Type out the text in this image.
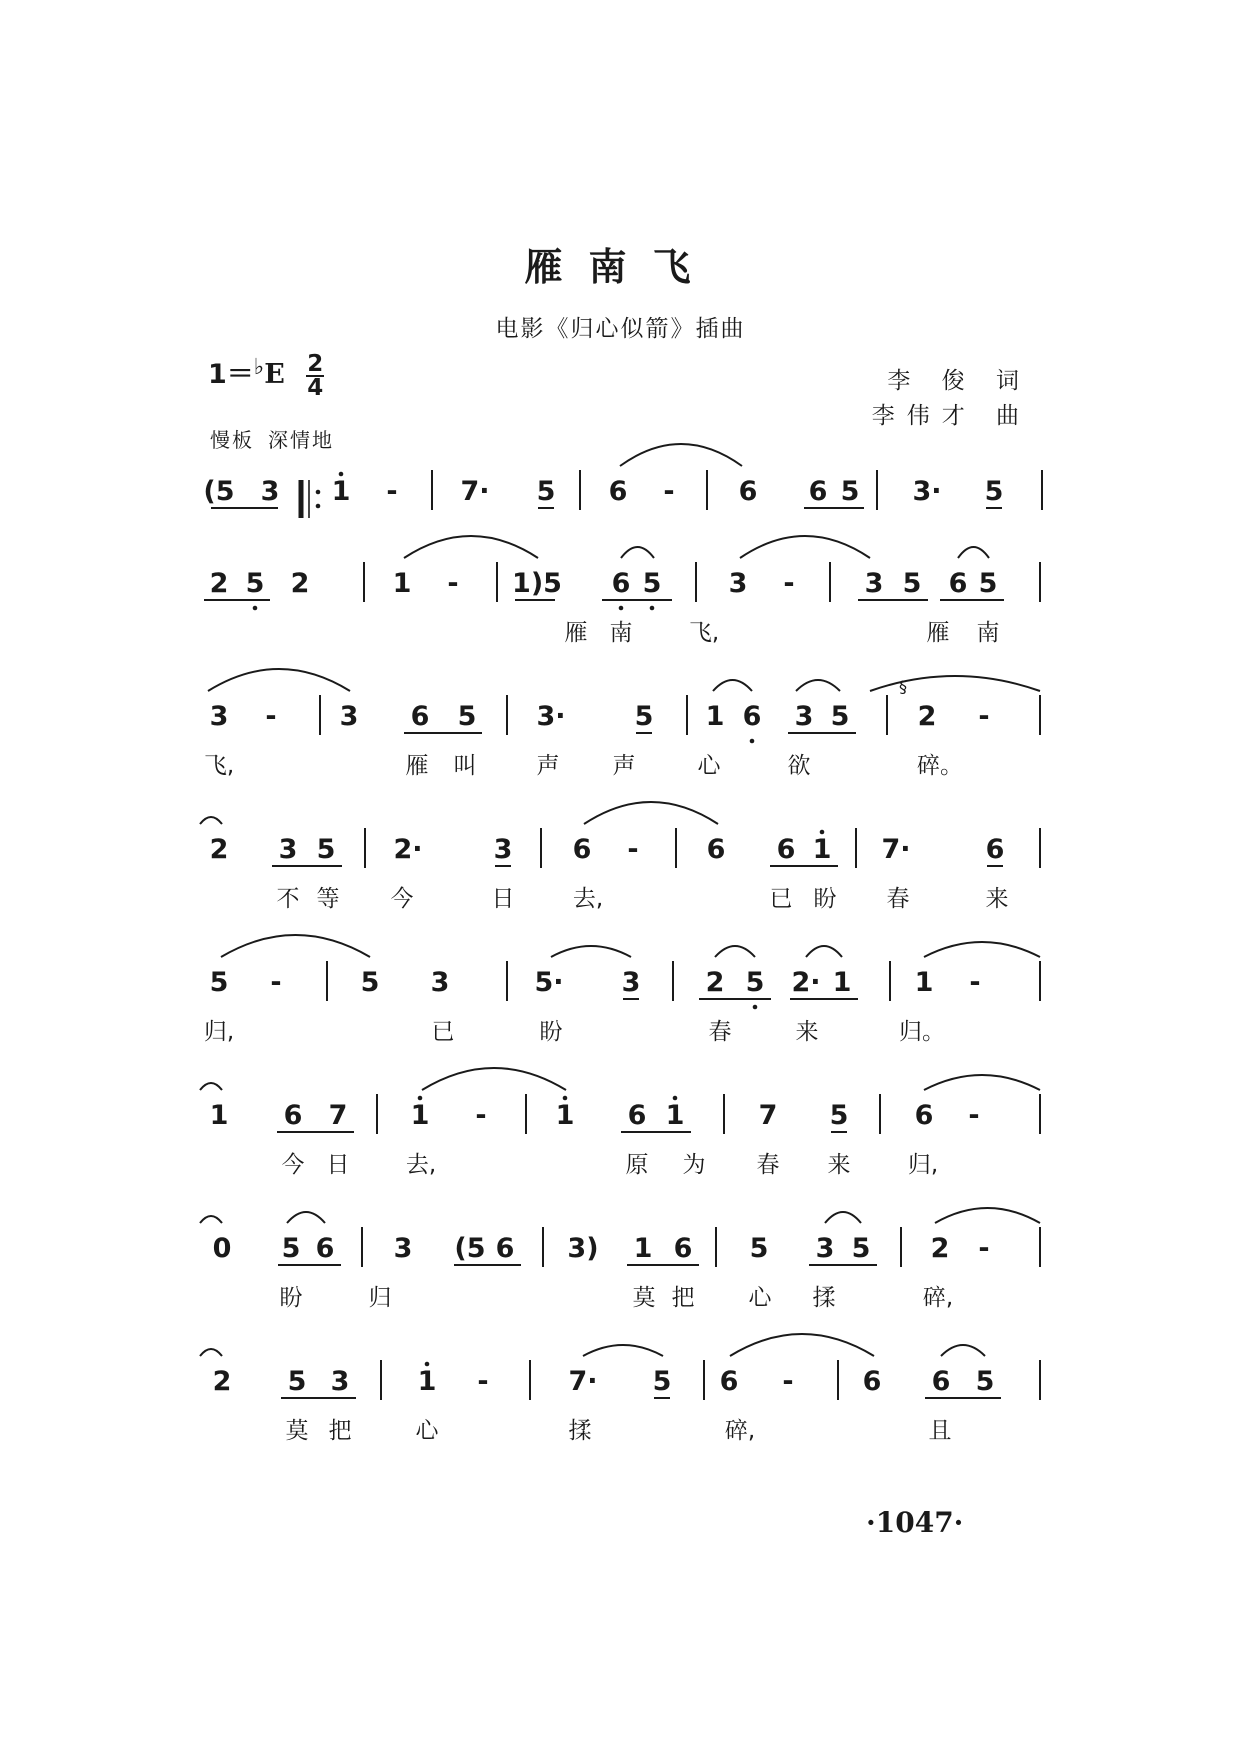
雁南飞
电影《归心似箭》插曲
$1=^♭E \frac{2}{4}$	李 俊 词
李伟才 曲
慢板 深情地
(5 3 1 - 7· 5 6 - 6 6 5 3· 5
2 5 2	1 - 1)5 6 5 3 -	3 5 6 5
雁 南 飞,	雁 南
3 - 3 6 5 3·	5 1 6 3 5	2 -
飞,	雁 叫	声 声	心	欲	碎。
2 3 5 2·	3 6 -	6 6 1 7·	6
不 等 今	日	去,	已 盼 春	来
5 -	5 3	5· 3 2 5 2· 1 1 -
归,	已	盼	春	来	归。
1 6 7 1 -	1 6 1	7 5 6 -
今 日 去,	原 为 春 来 归,
0 5 6 3 (5 6 3) 1 6 5 3 5 2 -
盼	归	莫 把 心 揉	碎,
2 5 3	1 -	7· 5 6 -	6 6 5
莫 把	心	揉	碎,	且
§
·1047·
